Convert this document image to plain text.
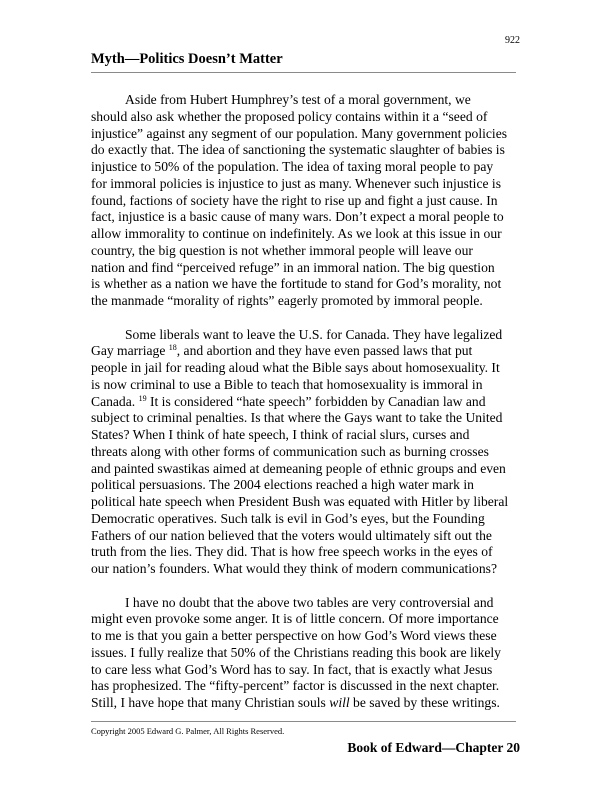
922
Myth—Politics Doesn’t Matter
Aside from Hubert Humphrey’s test of a moral government, we
should also ask whether the proposed policy contains within it a “seed of
injustice” against any segment of our population. Many government policies
do exactly that. The idea of sanctioning the systematic slaughter of babies is
injustice to 50% of the population. The idea of taxing moral people to pay
for immoral policies is injustice to just as many. Whenever such injustice is
found, factions of society have the right to rise up and fight a just cause. In
fact, injustice is a basic cause of many wars. Don’t expect a moral people to
allow immorality to continue on indefinitely. As we look at this issue in our
country, the big question is not whether immoral people will leave our
nation and find “perceived refuge” in an immoral nation. The big question
is whether as a nation we have the fortitude to stand for God’s morality, not
the manmade “morality of rights” eagerly promoted by immoral people.
Some liberals want to leave the U.S. for Canada. They have legalized
Gay marriage $^{18}$, and abortion and they have even passed laws that put
people in jail for reading aloud what the Bible says about homosexuality. It
is now criminal to use a Bible to teach that homosexuality is immoral in
Canada. $^{19}$ It is considered “hate speech” forbidden by Canadian law and
subject to criminal penalties. Is that where the Gays want to take the United
States? When I think of hate speech, I think of racial slurs, curses and
threats along with other forms of communication such as burning crosses
and painted swastikas aimed at demeaning people of ethnic groups and even
political persuasions. The 2004 elections reached a high water mark in
political hate speech when President Bush was equated with Hitler by liberal
Democratic operatives. Such talk is evil in God’s eyes, but the Founding
Fathers of our nation believed that the voters would ultimately sift out the
truth from the lies. They did. That is how free speech works in the eyes of
our nation’s founders. What would they think of modern communications?
I have no doubt that the above two tables are very controversial and
might even provoke some anger. It is of little concern. Of more importance
to me is that you gain a better perspective on how God’s Word views these
issues. I fully realize that 50% of the Christians reading this book are likely
to care less what God’s Word has to say. In fact, that is exactly what Jesus
has prophesized. The “fifty-percent” factor is discussed in the next chapter.
Still, I have hope that many Christian souls will be saved by these writings.
Copyright 2005 Edward G. Palmer, All Rights Reserved.
Book of Edward—Chapter 20
